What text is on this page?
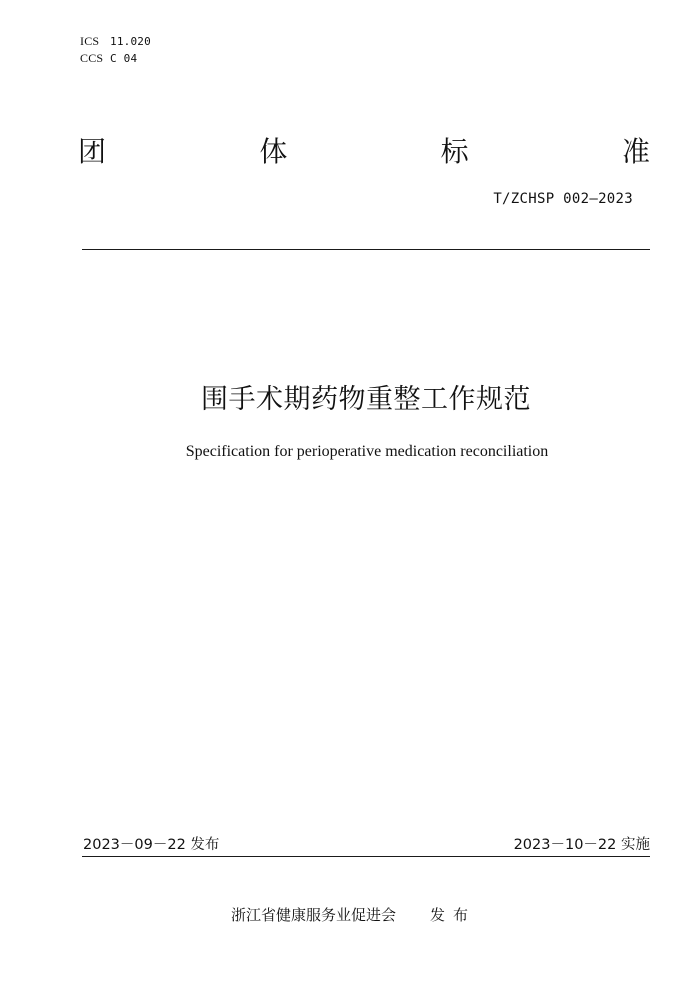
ICS 11.020
CCS C 04
团	体	标	准
T/ZCHSP 002—2023
围手术期药物重整工作规范
Specification for perioperative medication reconciliation
2023－09－22 发布	2023－10－22 实施
浙江省健康服务业促进会 发布
